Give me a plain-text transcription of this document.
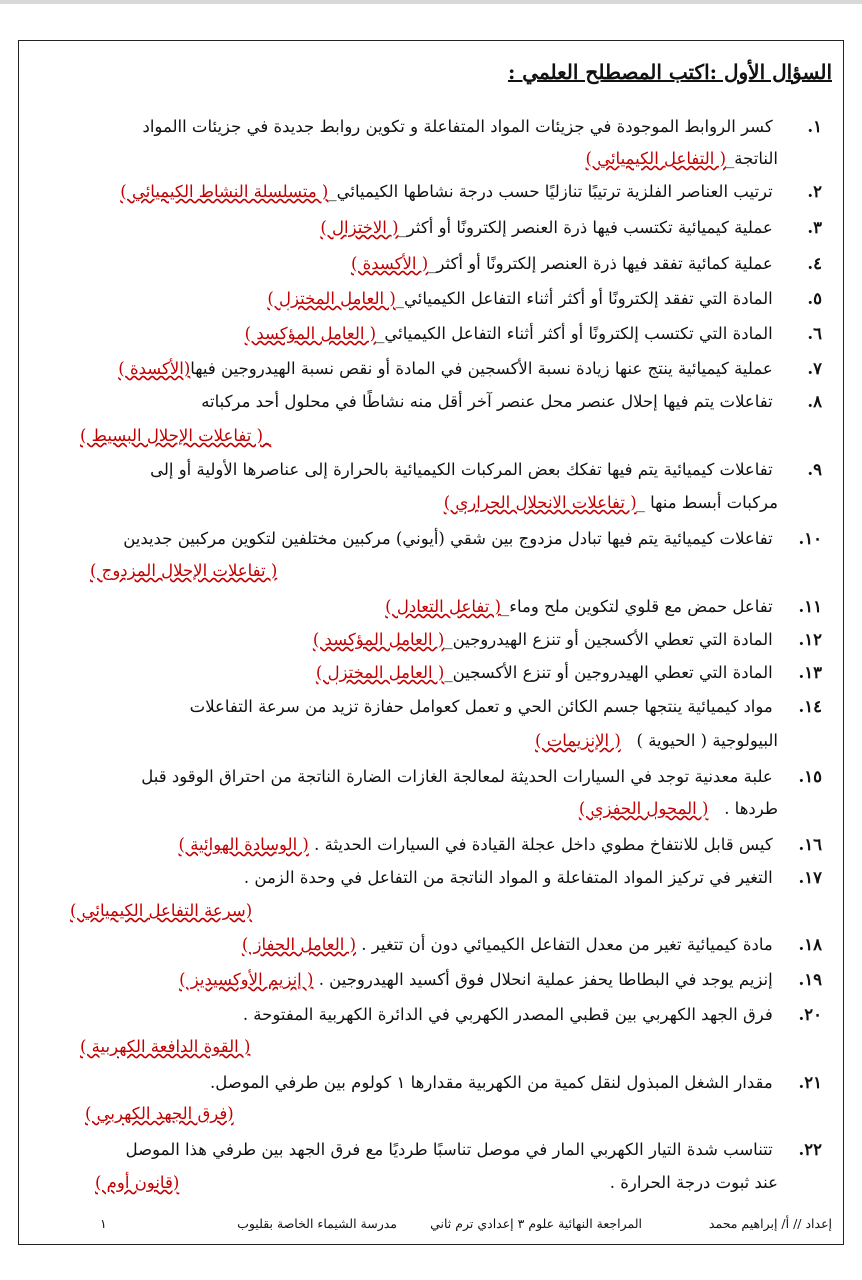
السؤال الأول :اكتب المصطلح العلمي :
١. كسر الروابط الموجودة في جزيئات المواد المتفاعلة و تكوين روابط جديدة في جزيئات االمواد
الناتجة_( التفاعل الكيميائي )
٢. ترتيب العناصر الفلزية ترتيبًا تنازليًا حسب درجة نشاطها الكيميائي_( متسلسلة النشاط الكيميائي )
٣. عملية كيميائية تكتسب فيها ذرة العنصر إلكترونًا أو أكثر_( الاختزال )
٤. عملية كمائية تفقد فيها ذرة العنصر إلكترونًا أو أكثر_( الأكسدة )
٥. المادة التي تفقد إلكترونًا أو أكثر أثناء التفاعل الكيميائي_( العامل المختزل )
٦. المادة التي تكتسب إلكترونًا أو أكثر أثناء التفاعل الكيميائي_( العامل المؤكسد )
٧. عملية كيميائية ينتج عنها زيادة نسبة الأكسجين في المادة أو نقص نسبة الهيدروجين فيها(الأكسدة )
٨. تفاعلات يتم فيها إحلال عنصر محل عنصر آخر أقل منه نشاطًا في محلول أحد مركباته
_( تفاعلات الإحلال البسيط )
٩. تفاعلات كيميائية يتم فيها تفكك بعض المركبات الكيميائية بالحرارة إلى عناصرها الأولية أو إلى
مركبات أبسط منها _( تفاعلات الانحلال الحراري )
١٠. تفاعلات كيميائية يتم فيها تبادل مزدوج بين شقي (أيوني) مركبين مختلفين لتكوين مركبين جديدين
( تفاعلات الإحلال المزدوج )
١١. تفاعل حمض مع قلوي لتكوين ملح وماء_( تفاعل التعادل )
١٢. المادة التي تعطي الأكسجين أو تنزع الهيدروجين_( العامل المؤكسد )
١٣. المادة التي تعطي الهيدروجين أو تنزع الأكسجين_( العامل المختزل )
١٤. مواد كيميائية ينتجها جسم الكائن الحي و تعمل كعوامل حفازة تزيد من سرعة التفاعلات
البيولوجية ( الحيوية )   ( الإنزيمات )
١٥. علبة معدنية توجد في السيارات الحديثة لمعالجة الغازات الضارة الناتجة من احتراق الوقود قبل
طردها .   ( المحول الحفزي )
١٦. كيس قابل للانتفاخ مطوي داخل عجلة القيادة في السيارات الحديثة . ( الوسادة الهوائية )
١٧. التغير في تركيز المواد المتفاعلة و المواد الناتجة من التفاعل في وحدة الزمن .
(سرعة التفاعل الكيميائي )
١٨. مادة كيميائية تغير من معدل التفاعل الكيميائي دون أن تتغير . ( العامل الحفاز )
١٩. إنزيم يوجد في البطاطا يحفز عملية انحلال فوق أكسيد الهيدروجين . ( إنزيم الأوكسيديز )
٢٠. فرق الجهد الكهربي بين قطبي المصدر الكهربي في الدائرة الكهربية المفتوحة .
( القوة الدافعة الكهربية )
٢١. مقدار الشغل المبذول لنقل كمية من الكهربية مقدارها ١ كولوم بين طرفي الموصل.
(فرق الجهد الكهربي )
٢٢. تتناسب شدة التيار الكهربي المار في موصل تناسبًا طرديًا مع فرق الجهد بين طرفي هذا الموصل
عند ثبوت درجة الحرارة .
(قانون أوم )
إعداد // أ/ إبراهيم محمد
المراجعة النهائية علوم ٣ إعدادي ترم ثاني
مدرسة الشيماء الخاصة بقليوب
١
